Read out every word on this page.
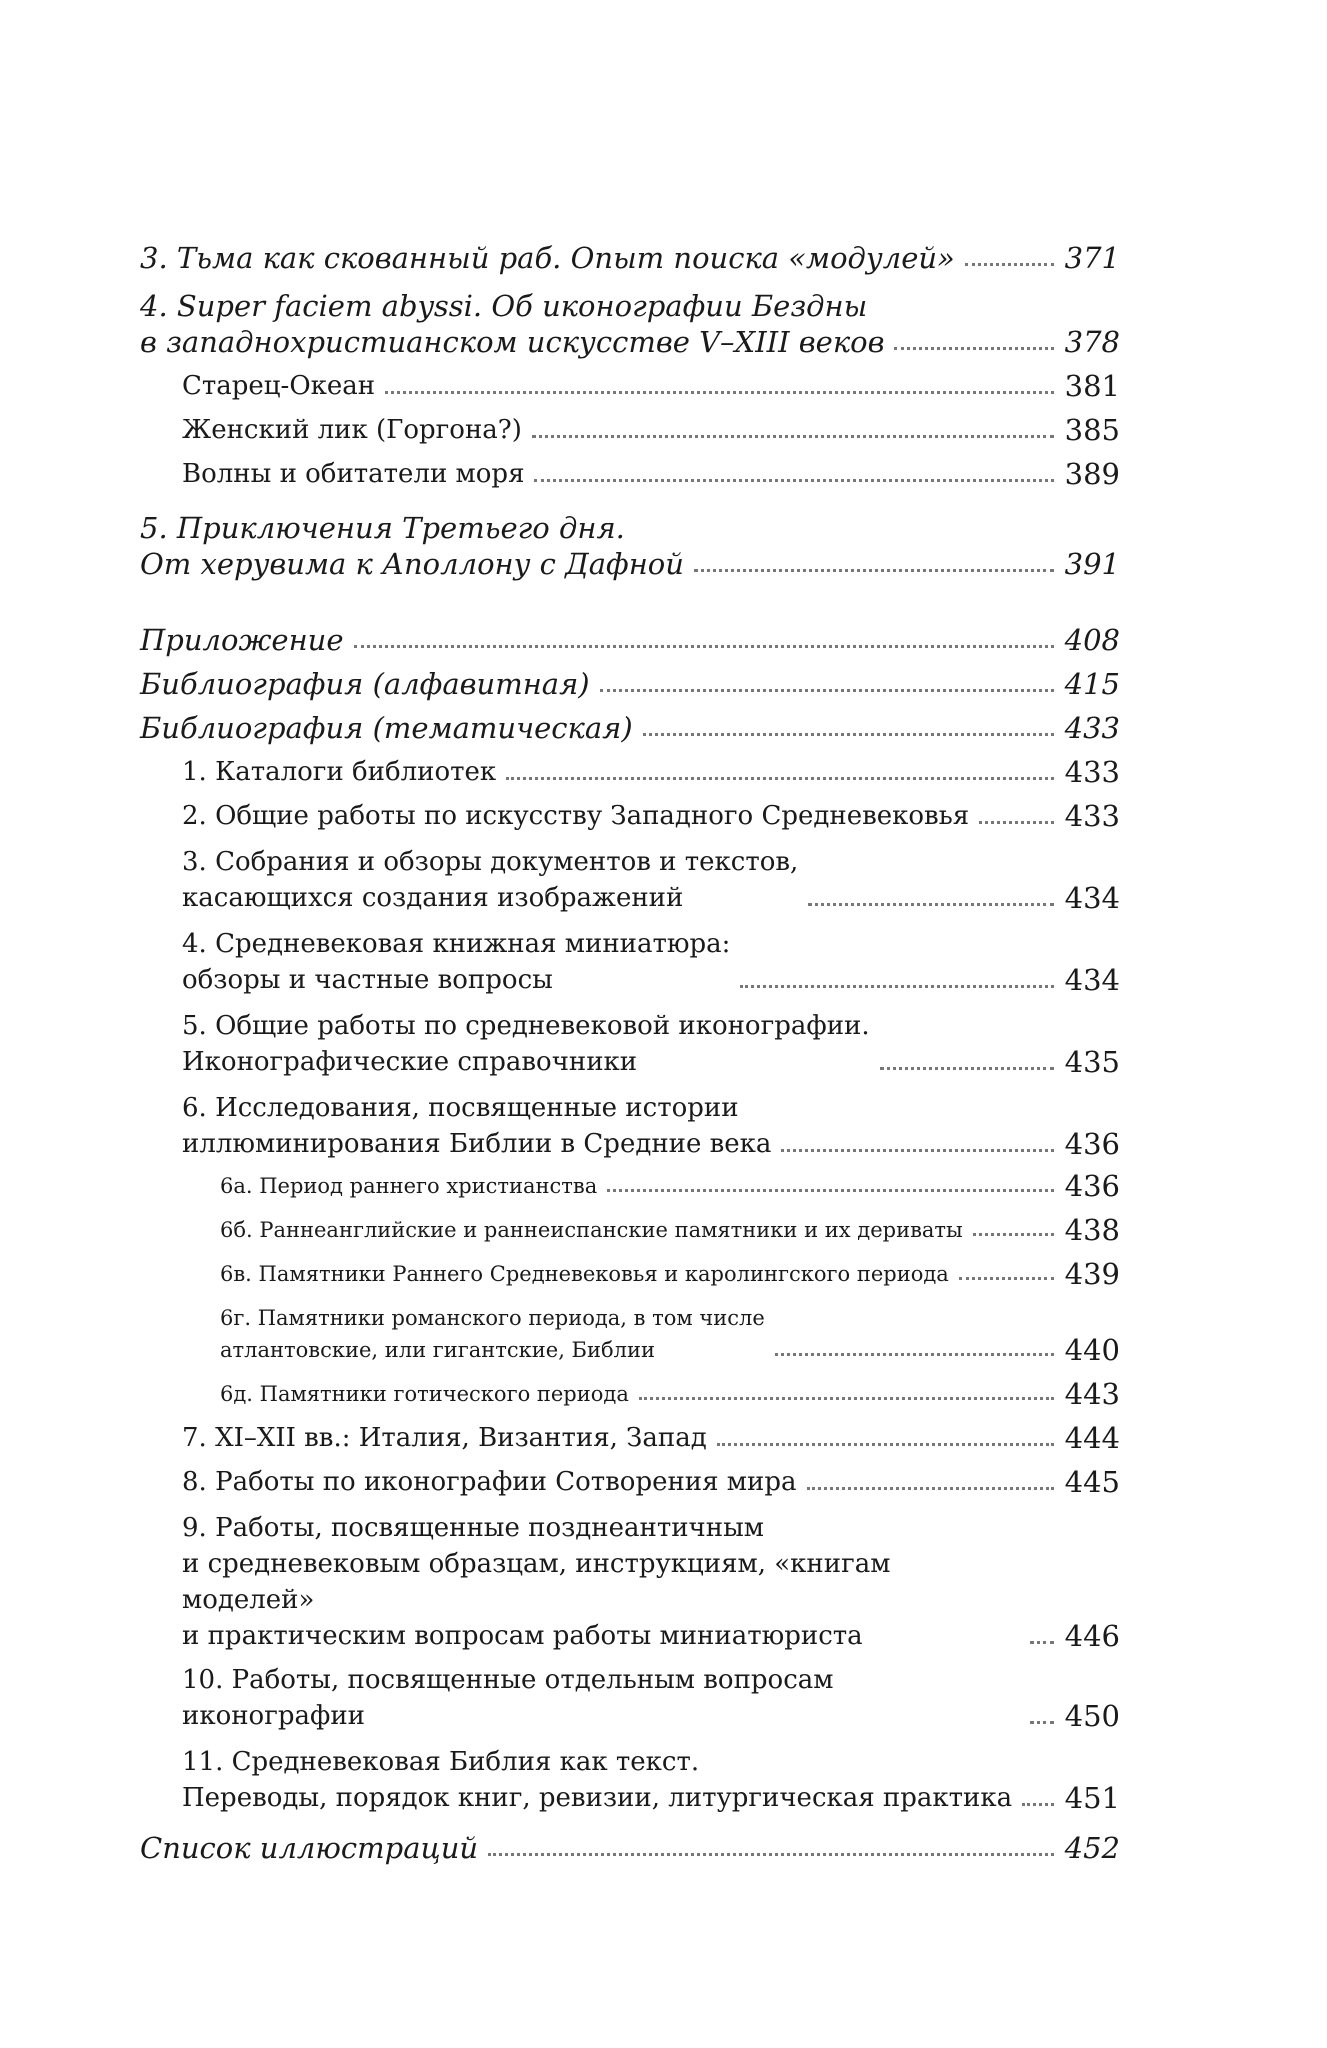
3. Тьма как скованный раб. Опыт поиска «модулей»	371
4. Super faciem abyssi. Об иконографии Бездны
в западнохристианском искусстве V–XIII веков	378
Старец-Океан	381
Женский лик (Горгона?)	385
Волны и обитатели моря	389
5. Приключения Третьего дня.
От херувима к Аполлону с Дафной	391
Приложение	408
Библиография (алфавитная)	415
Библиография (тематическая)	433
1. Каталоги библиотек	433
2. Общие работы по искусству Западного Средневековья	433
3. Собрания и обзоры документов и текстов,
касающихся создания изображений	434
4. Средневековая книжная миниатюра:
обзоры и частные вопросы	434
5. Общие работы по средневековой иконографии.
Иконографические справочники	435
6. Исследования, посвященные истории
иллюминирования Библии в Средние века	436
6а. Период раннего христианства	436
6б. Раннеанглийские и раннеиспанские памятники и их дериваты	438
6в. Памятники Раннего Средневековья и каролингского периода	439
6г. Памятники романского периода, в том числе
атлантовские, или гигантские, Библии	440
6д. Памятники готического периода	443
7. XI–XII вв.: Италия, Византия, Запад	444
8. Работы по иконографии Сотворения мира	445
9. Работы, посвященные позднеантичным
и средневековым образцам, инструкциям, «книгам моделей»
и практическим вопросам работы миниатюриста	446
10. Работы, посвященные отдельным вопросам иконографии	450
11. Средневековая Библия как текст.
Переводы, порядок книг, ревизии, литургическая практика 451
Список иллюстраций	452
